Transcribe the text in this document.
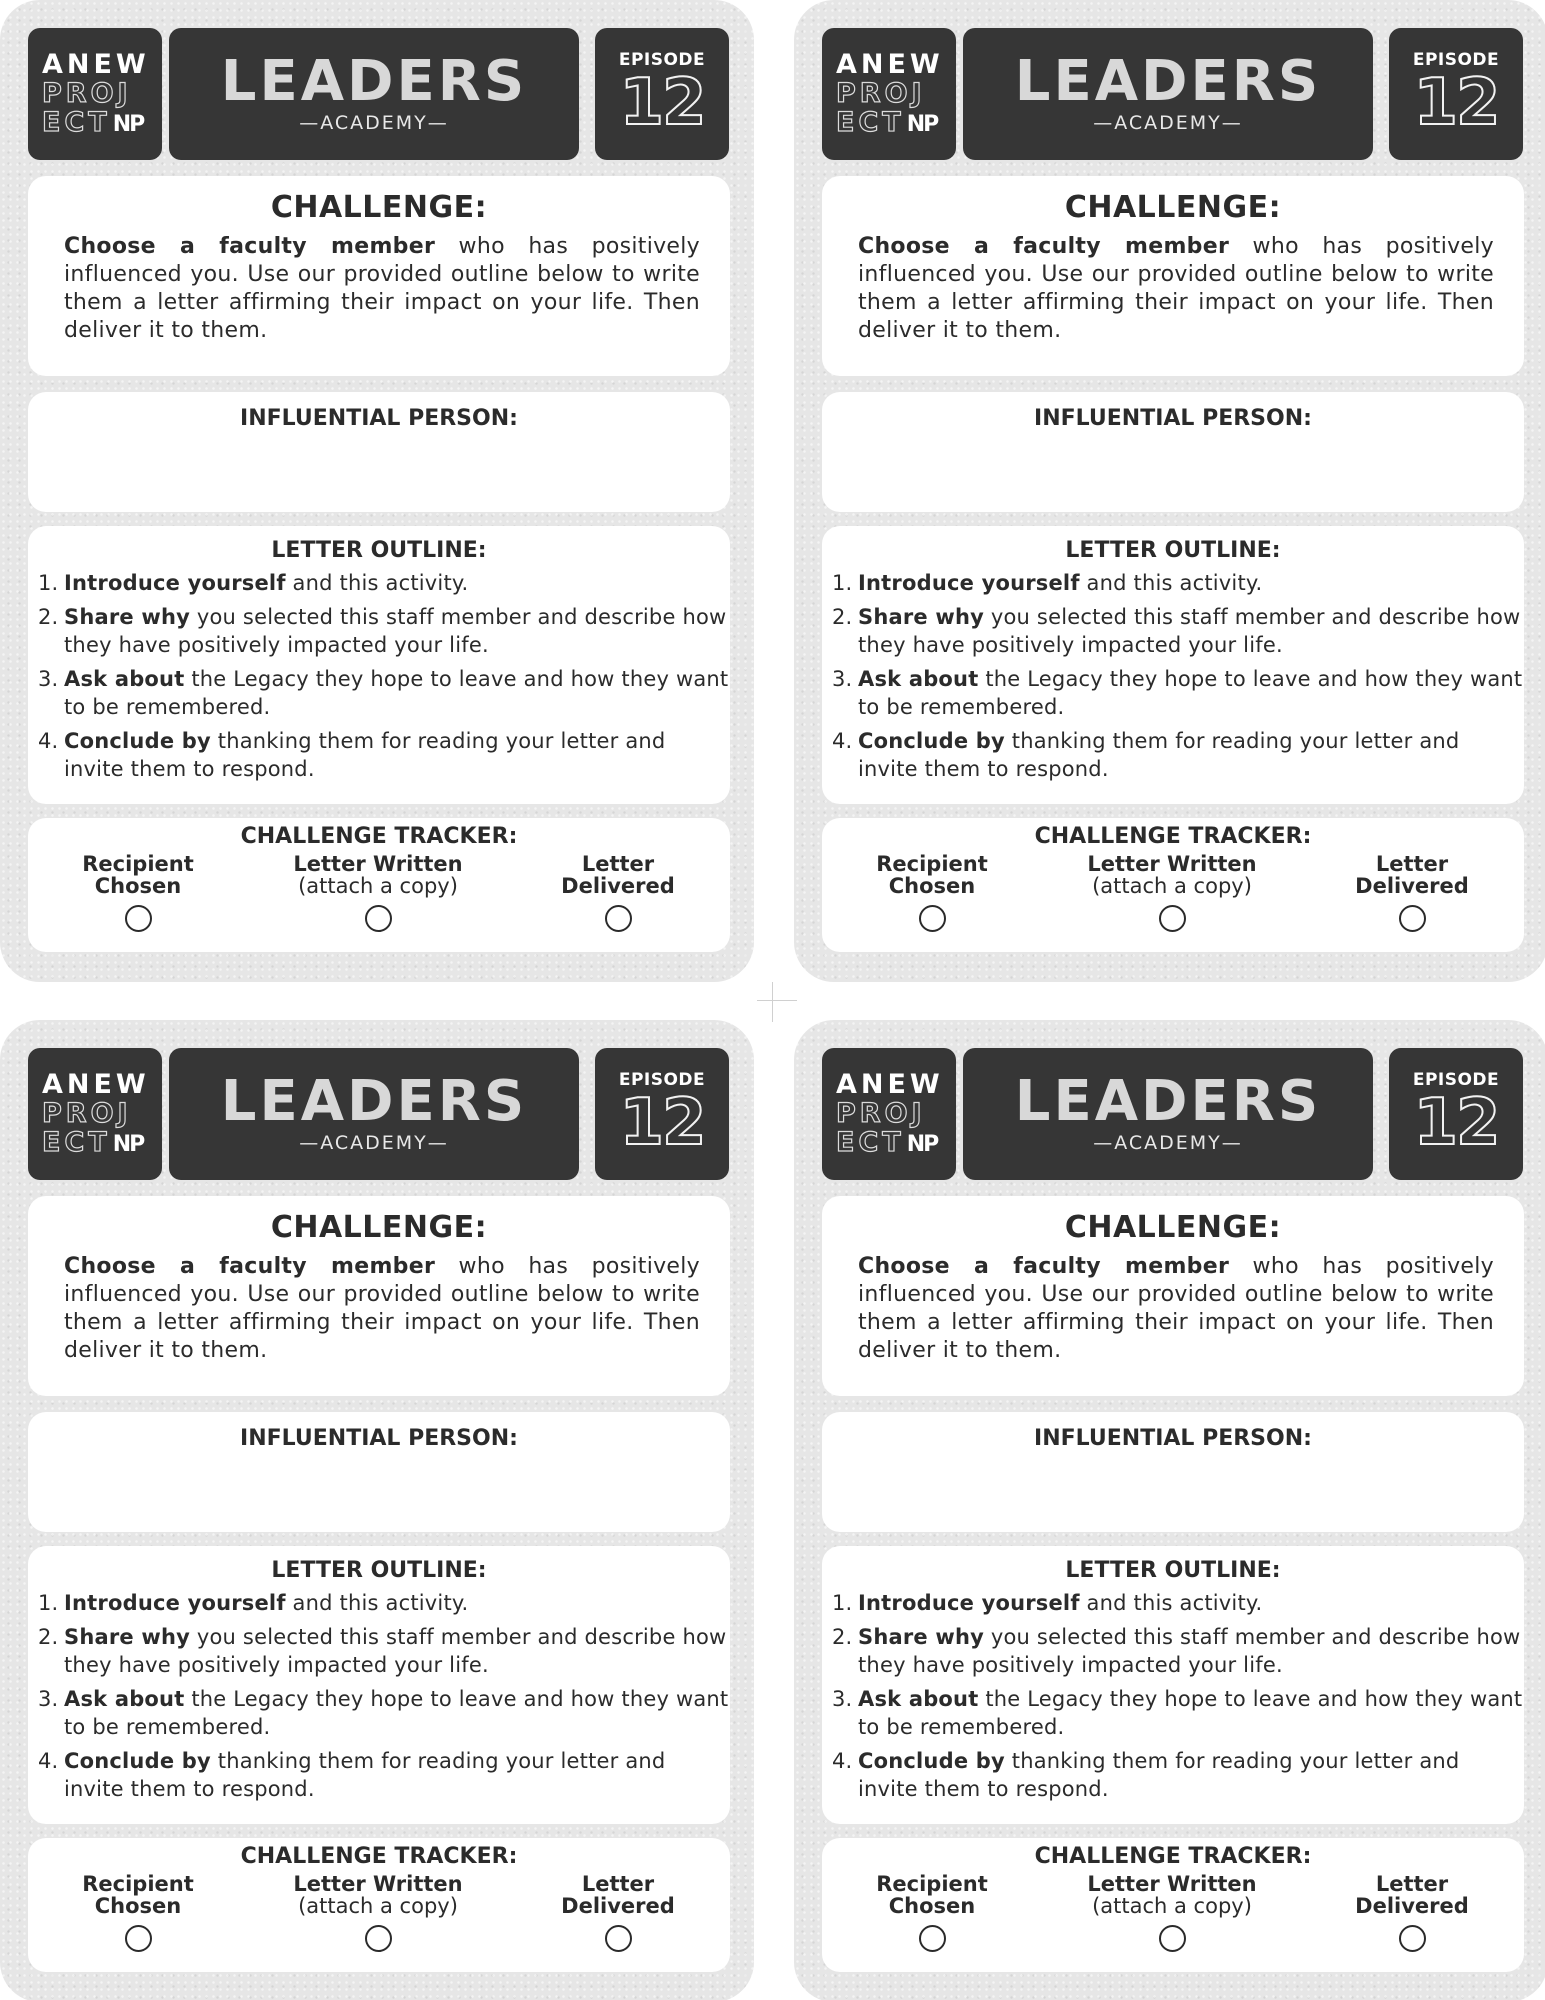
ANEW
PROJ
ECTNP
LEADERS
—ACADEMY—
EPISODE
12
CHALLENGE:

Choose a faculty member who has positively influenced you. Use our provided outline below to write them a letter affirming their impact on your life. Then deliver it to them.

INFLUENTIAL PERSON:
LETTER OUTLINE:
1. Introduce yourself and this activity.
2. Share why you selected this staff member and describe how they have positively impacted your life.
3. Ask about the Legacy they hope to leave and how they want to be remembered.
4. Conclude by thanking them for reading your letter and invite them to respond.
CHALLENGE TRACKER:
Recipient
Chosen
Letter Written
(attach a copy)
Letter
Delivered
ANEW
PROJ
ECTNP
LEADERS
—ACADEMY—
EPISODE
12
CHALLENGE:

Choose a faculty member who has positively influenced you. Use our provided outline below to write them a letter affirming their impact on your life. Then deliver it to them.

INFLUENTIAL PERSON:
LETTER OUTLINE:
1. Introduce yourself and this activity.
2. Share why you selected this staff member and describe how they have positively impacted your life.
3. Ask about the Legacy they hope to leave and how they want to be remembered.
4. Conclude by thanking them for reading your letter and invite them to respond.
CHALLENGE TRACKER:
Recipient
Chosen
Letter Written
(attach a copy)
Letter
Delivered
ANEW
PROJ
ECTNP
LEADERS
—ACADEMY—
EPISODE
12
CHALLENGE:

Choose a faculty member who has positively influenced you. Use our provided outline below to write them a letter affirming their impact on your life. Then deliver it to them.

INFLUENTIAL PERSON:
LETTER OUTLINE:
1. Introduce yourself and this activity.
2. Share why you selected this staff member and describe how they have positively impacted your life.
3. Ask about the Legacy they hope to leave and how they want to be remembered.
4. Conclude by thanking them for reading your letter and invite them to respond.
CHALLENGE TRACKER:
Recipient
Chosen
Letter Written
(attach a copy)
Letter
Delivered
ANEW
PROJ
ECTNP
LEADERS
—ACADEMY—
EPISODE
12
CHALLENGE:

Choose a faculty member who has positively influenced you. Use our provided outline below to write them a letter affirming their impact on your life. Then deliver it to them.

INFLUENTIAL PERSON:
LETTER OUTLINE:
1. Introduce yourself and this activity.
2. Share why you selected this staff member and describe how they have positively impacted your life.
3. Ask about the Legacy they hope to leave and how they want to be remembered.
4. Conclude by thanking them for reading your letter and invite them to respond.
CHALLENGE TRACKER:
Recipient
Chosen
Letter Written
(attach a copy)
Letter
Delivered
